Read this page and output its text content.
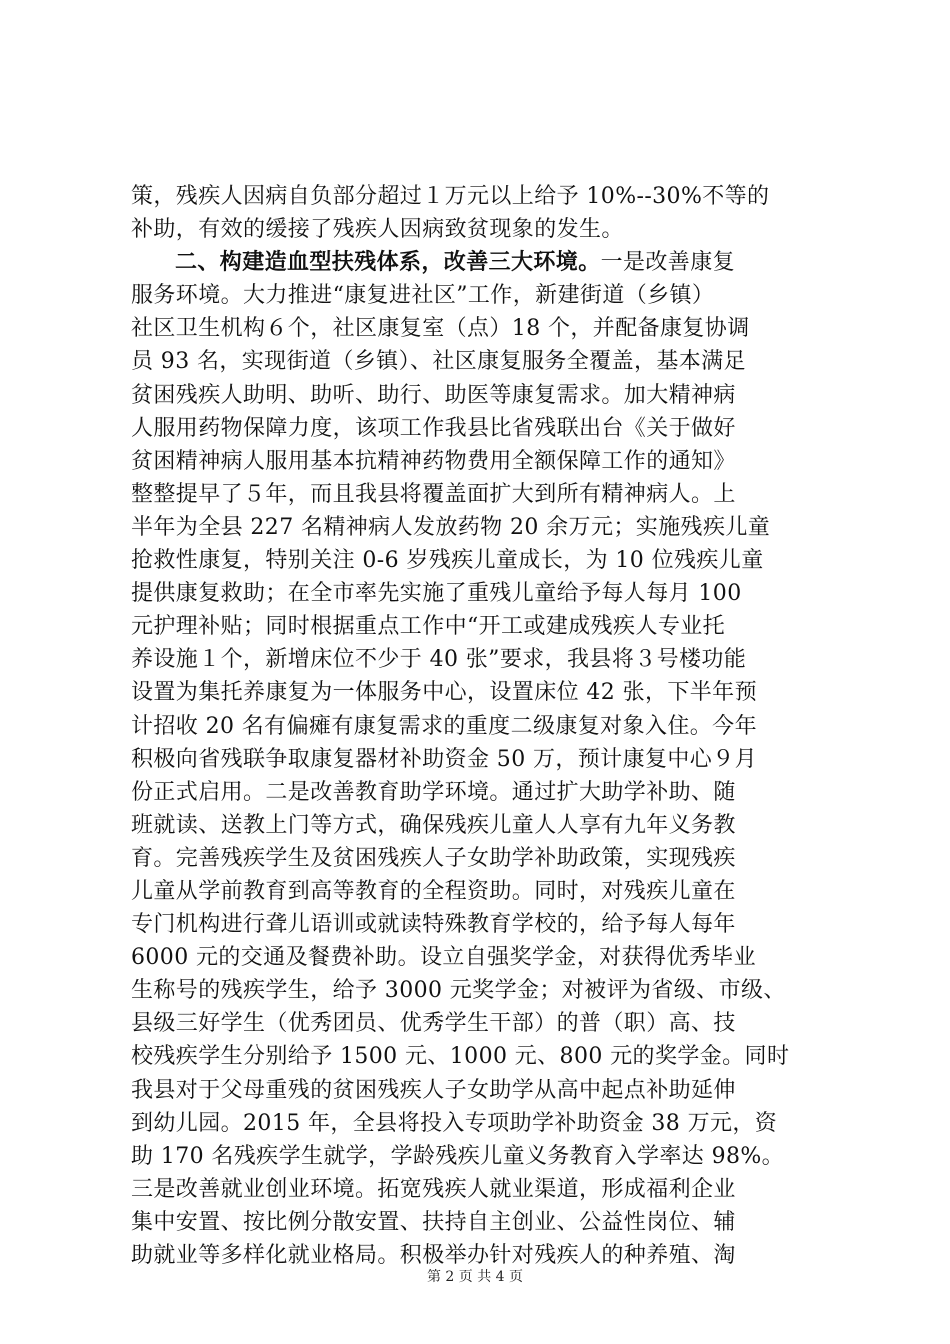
策，残疾人因病自负部分超过１万元以上给予 10%--30%不等的
补助，有效的缓接了残疾人因病致贫现象的发生。
二、构建造血型扶残体系，改善三大环境。一是改善康复
服务环境。大力推进“康复进社区”工作，新建街道（乡镇）
社区卫生机构６个，社区康复室（点）18 个，并配备康复协调
员 93 名，实现街道（乡镇）、社区康复服务全覆盖，基本满足
贫困残疾人助明、助听、助行、助医等康复需求。加大精神病
人服用药物保障力度，该项工作我县比省残联出台《关于做好
贫困精神病人服用基本抗精神药物费用全额保障工作的通知》
整整提早了５年，而且我县将覆盖面扩大到所有精神病人。上
半年为全县 227 名精神病人发放药物 20 余万元；实施残疾儿童
抢救性康复，特别关注 0-6 岁残疾儿童成长，为 10 位残疾儿童
提供康复救助；在全市率先实施了重残儿童给予每人每月 100
元护理补贴；同时根据重点工作中“开工或建成残疾人专业托
养设施１个，新增床位不少于 40 张”要求，我县将３号楼功能
设置为集托养康复为一体服务中心，设置床位 42 张，下半年预
计招收 20 名有偏瘫有康复需求的重度二级康复对象入住。今年
积极向省残联争取康复器材补助资金 50 万，预计康复中心９月
份正式启用。二是改善教育助学环境。通过扩大助学补助、随
班就读、送教上门等方式，确保残疾儿童人人享有九年义务教
育。完善残疾学生及贫困残疾人子女助学补助政策，实现残疾
儿童从学前教育到高等教育的全程资助。同时，对残疾儿童在
专门机构进行聋儿语训或就读特殊教育学校的，给予每人每年
6000 元的交通及餐费补助。设立自强奖学金，对获得优秀毕业
生称号的残疾学生，给予 3000 元奖学金；对被评为省级、市级、
县级三好学生（优秀团员、优秀学生干部）的普（职）高、技
校残疾学生分别给予 1500 元、1000 元、800 元的奖学金。同时
我县对于父母重残的贫困残疾人子女助学从高中起点补助延伸
到幼儿园。2015 年，全县将投入专项助学补助资金 38 万元，资
助 170 名残疾学生就学，学龄残疾儿童义务教育入学率达 98%。
三是改善就业创业环境。拓宽残疾人就业渠道，形成福利企业
集中安置、按比例分散安置、扶持自主创业、公益性岗位、辅
助就业等多样化就业格局。积极举办针对残疾人的种养殖、淘
第 2 页 共 4 页
